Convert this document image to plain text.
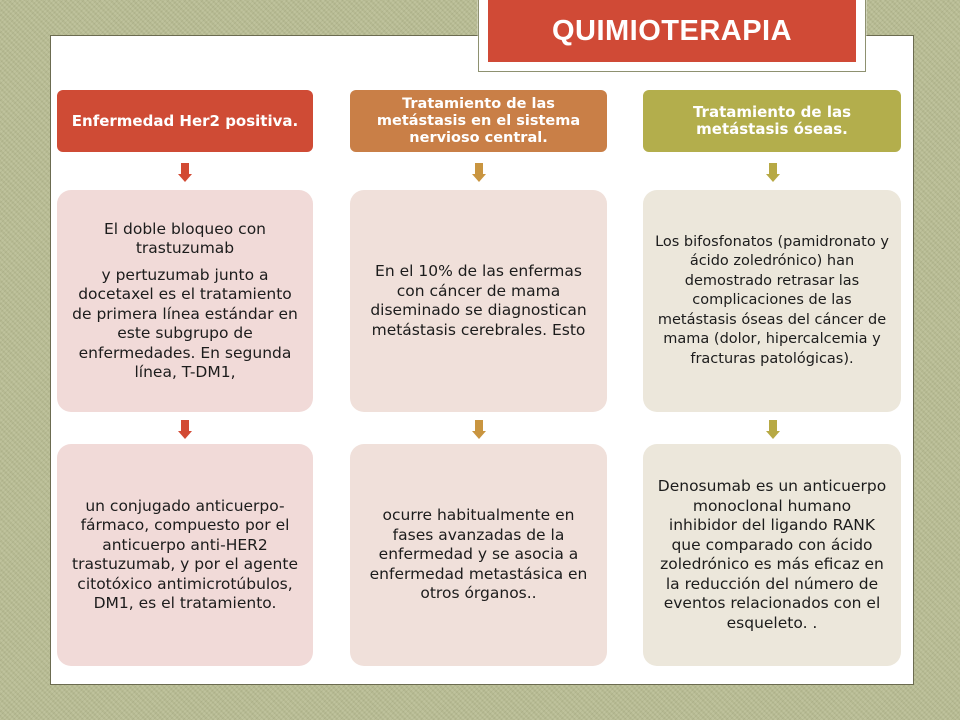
QUIMIOTERAPIA
Enfermedad Her2 positiva.

El doble bloqueo con trastuzumab

y pertuzumab junto a docetaxel es el tratamiento de primera línea estándar en este subgrupo de enfermedades. En segunda línea, T-DM1,

un conjugado anticuerpo-fármaco, compuesto por el anticuerpo anti-HER2 trastuzumab, y por el agente citotóxico antimicrotúbulos, DM1, es el tratamiento.

Tratamiento de las metástasis en el sistema nervioso central.

En el 10% de las enfermas con cáncer de mama diseminado se diagnostican metástasis cerebrales. Esto

ocurre habitualmente en fases avanzadas de la enfermedad y se asocia a enfermedad metastásica en otros órganos..

Tratamiento de las metástasis óseas.

Los bifosfonatos (pamidronato y ácido zoledrónico) han demostrado retrasar las complicaciones de las metástasis óseas del cáncer de mama (dolor, hipercalcemia y fracturas patológicas).

Denosumab es un anticuerpo monoclonal humano inhibidor del ligando RANK que comparado con ácido zoledrónico es más eficaz en la reducción del número de eventos relacionados con el esqueleto. .
